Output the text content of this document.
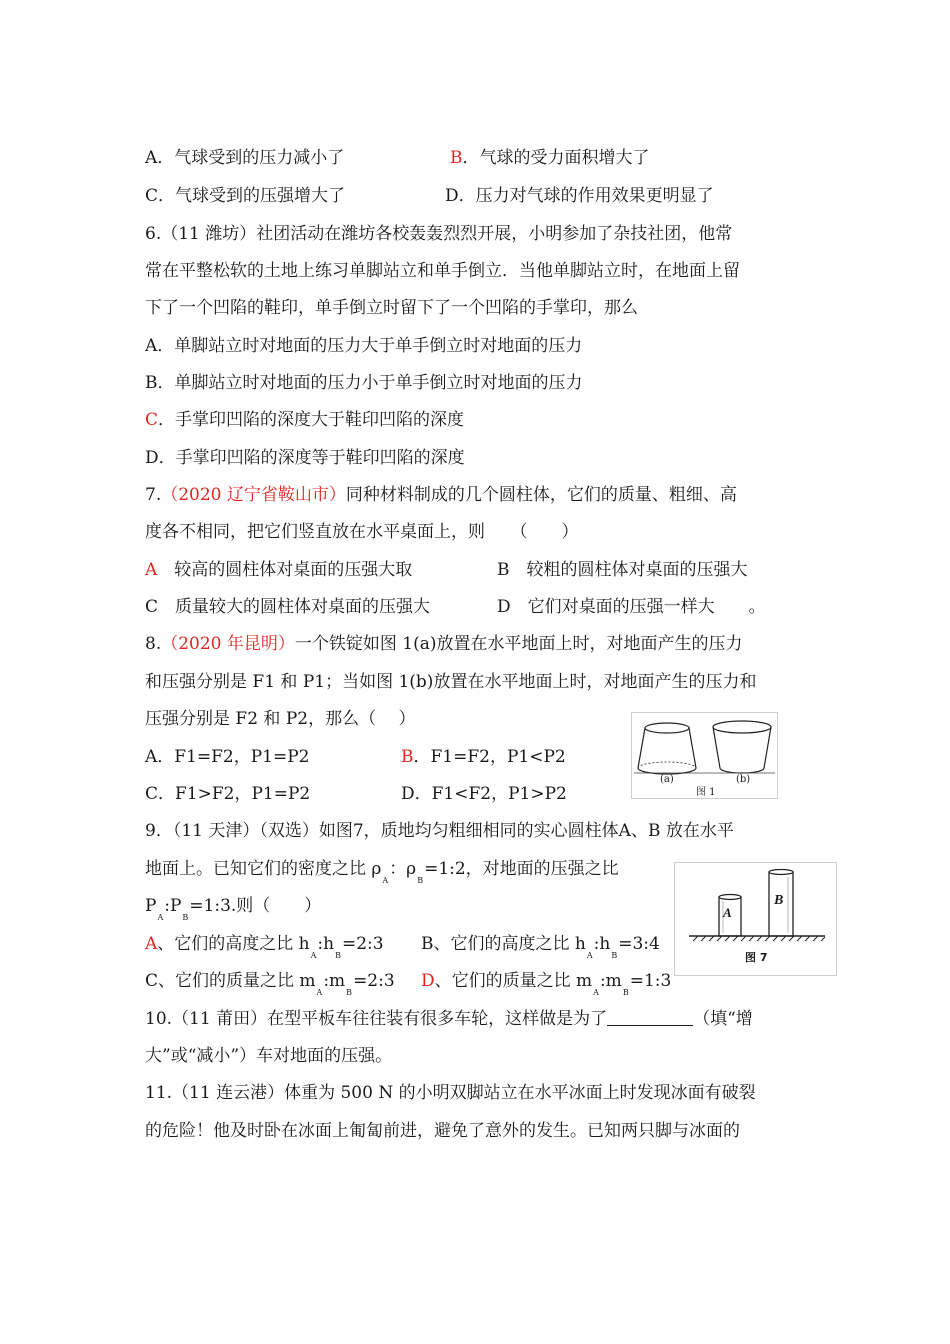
A．气球受到的压力减小了	B．气球的受力面积增大了
C．气球受到的压强增大了	D．压力对气球的作用效果更明显了
6.（11 潍坊）社团活动在潍坊各校轰轰烈烈开展，小明参加了杂技社团，他常
常在平整松软的土地上练习单脚站立和单手倒立．当他单脚站立时，在地面上留
下了一个凹陷的鞋印，单手倒立时留下了一个凹陷的手掌印，那么
A．单脚站立时对地面的压力大于单手倒立时对地面的压力
B．单脚站立时对地面的压力小于单手倒立时对地面的压力
C．手掌印凹陷的深度大于鞋印凹陷的深度
D．手掌印凹陷的深度等于鞋印凹陷的深度
7.（2020 辽宁省鞍山市）同种材料制成的几个圆柱体，它们的质量、粗细、高
度各不相同，把它们竖直放在水平桌面上，则　　（　　）
A　较高的圆柱体对桌面的压强大取	B　较粗的圆柱体对桌面的压强大
C　质量较大的圆柱体对桌面的压强大	D　它们对桌面的压强一样大　　。
8.（2020 年昆明）一个铁锭如图 1(a)放置在水平地面上时，对地面产生的压力
和压强分别是 F1 和 P1；当如图 1(b)放置在水平地面上时，对地面产生的压力和
压强分别是 F2 和 P2，那么（　 ）
A．F1=F2，P1=P2	B．F1=F2，P1<P2
C．F1>F2，P1=P2	D．F1<F2，P1>P2
(a)	(b)
图 1
9．（11 天津）（双选）如图7，质地均匀粗细相同的实心圆柱体A、B 放在水平
地面上。已知它们的密度之比 $\rho_A$：$\rho_B=1:2$，对地面的压强之比
$P_A:P_B=1:3$.则（　　）
A、它们的高度之比 $h_A:h_B=2:3$ B、它们的高度之比 $h_A:h_B=3:4$
C、它们的质量之比 $m_A:m_B=2:3$ D、它们的质量之比 $m_A:m_B=1:3$
A
B
图 7
10.（11 莆田）在型平板车往往装有很多车轮，这样做是为了	（填“增
大”或“减小”）车对地面的压强。
11.（11 连云港）体重为 500 N 的小明双脚站立在水平冰面上时发现冰面有破裂
的危险！他及时卧在冰面上匍匐前进，避免了意外的发生。已知两只脚与冰面的
